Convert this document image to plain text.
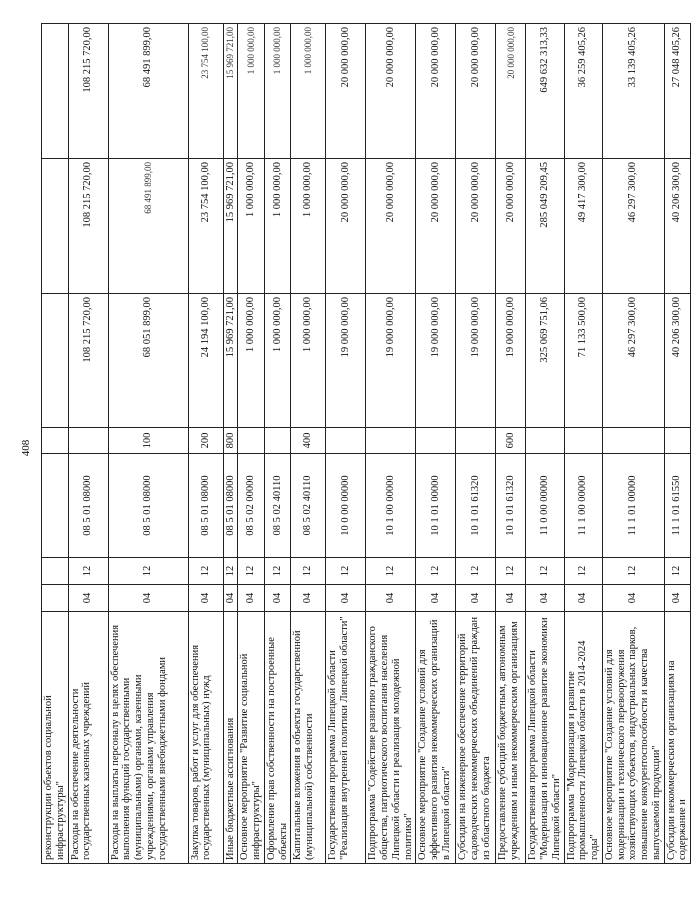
408
реконструкции объектов социальной инфраструктуры"							
Расходы на обеспечение деятельности государственных казенных учреждений	04	12	08 5 01 08000		108 215 720,00	108 215 720,00	108 215 720,00
Расходы на выплаты персоналу в целях обеспечения выполнения функций государственными (муниципальными) органами, казенными учреждениями, органами управления государственными внебюджетными фондами	04	12	08 5 01 08000	100	68 051 899,00	68 491 899,00	68 491 899,00
Закупка товаров, работ и услуг для обеспечения государственных (муниципальных) нужд	04	12	08 5 01 08000	200	24 194 100,00	23 754 100,00	23 754 100,00
Иные бюджетные ассигнования	04	12	08 5 01 08000	800	15 969 721,00	15 969 721,00	15 969 721,00
Основное мероприятие "Развитие социальной инфраструктуры"	04	12	08 5 02 00000		1 000 000,00	1 000 000,00	1 000 000,00
Оформление прав собственности на построенные объекты	04	12	08 5 02 40110		1 000 000,00	1 000 000,00	1 000 000,00
Капитальные вложения в объекты государственной (муниципальной) собственности	04	12	08 5 02 40110	400	1 000 000,00	1 000 000,00	1 000 000,00
Государственная программа Липецкой области "Реализация внутренней политики Липецкой области"	04	12	10 0 00 00000		19 000 000,00	20 000 000,00	20 000 000,00
Подпрограмма "Содействие развитию гражданского общества, патриотического воспитания населения Липецкой области и реализация молодежной политики"	04	12	10 1 00 00000		19 000 000,00	20 000 000,00	20 000 000,00
Основное мероприятие "Создание условий для эффективного развития некоммерческих организаций в Липецкой области"	04	12	10 1 01 00000		19 000 000,00	20 000 000,00	20 000 000,00
Субсидии на инженерное обеспечение территорий садоводческих некоммерческих объединений граждан из областного бюджета	04	12	10 1 01 61320		19 000 000,00	20 000 000,00	20 000 000,00
Предоставление субсидий бюджетным, автономным учреждениям и иным некоммерческим организациям	04	12	10 1 01 61320	600	19 000 000,00	20 000 000,00	20 000 000,00
Государственная программа Липецкой области "Модернизация и инновационное развитие экономики Липецкой области"	04	12	11 0 00 00000		325 069 751,06	285 049 209,45	649 632 313,33
Подпрограмма "Модернизация и развитие промышленности Липецкой области в 2014-2024 годы"	04	12	11 1 00 00000		71 133 500,00	49 417 300,00	36 259 405,26
Основное мероприятие "Создание условий для модернизации и технического перевооружения хозяйствующих субъектов, индустриальных парков, повышение конкурентоспособности и качества выпускаемой продукции"	04	12	11 1 01 00000		46 297 300,00	46 297 300,00	33 139 405,26
Субсидии некоммерческим организациям на содержание и	04	12	11 1 01 61550		40 206 300,00	40 206 300,00	27 048 405,26
